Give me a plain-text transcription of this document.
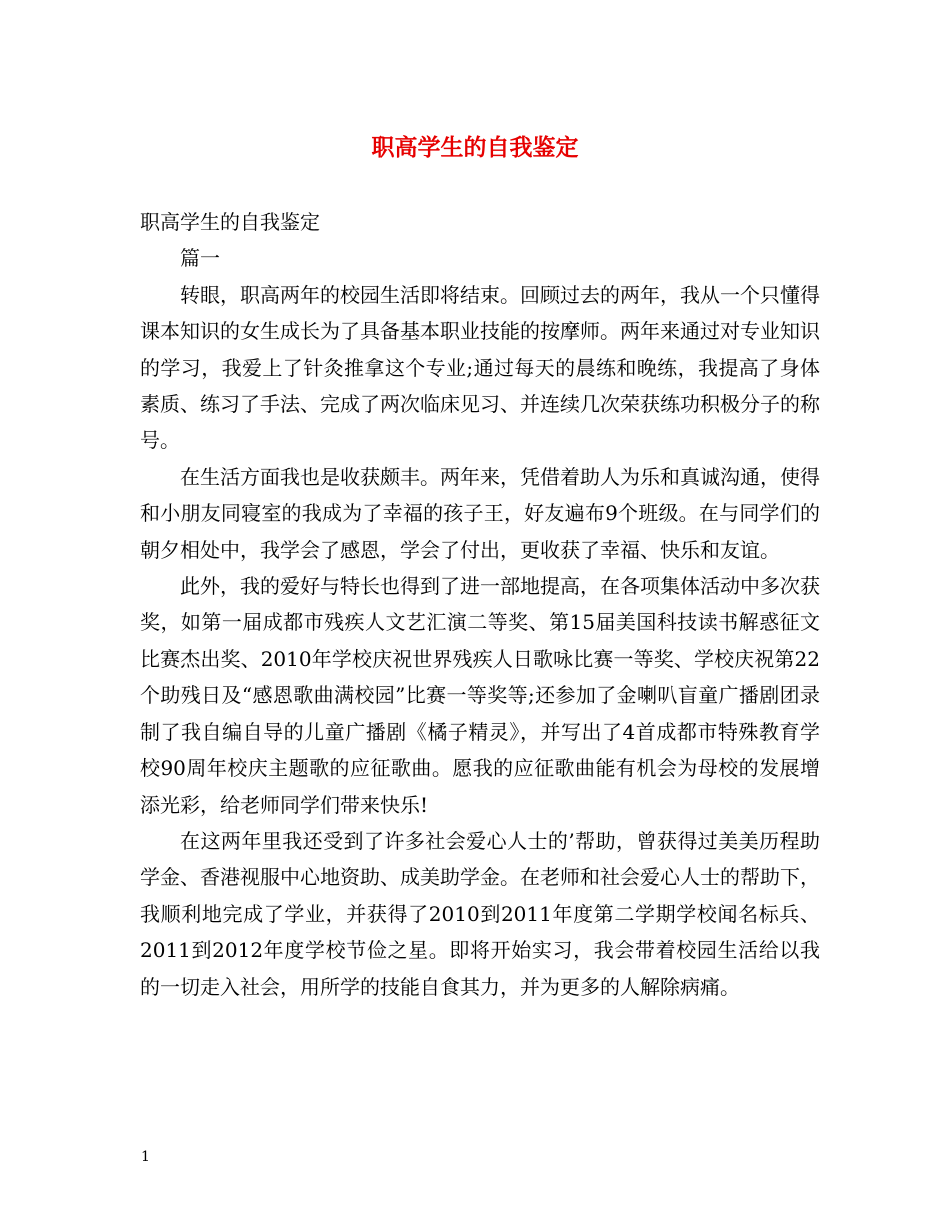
职高学生的自我鉴定

职高学生的自我鉴定

篇一

转眼，职高两年的校园生活即将结束。回顾过去的两年，我从一个只懂得课本知识的女生成长为了具备基本职业技能的按摩师。两年来通过对专业知识的学习，我爱上了针灸推拿这个专业;通过每天的晨练和晚练，我提高了身体素质、练习了手法、完成了两次临床见习、并连续几次荣获练功积极分子的称号。

在生活方面我也是收获颇丰。两年来，凭借着助人为乐和真诚沟通，使得和小朋友同寝室的我成为了幸福的孩子王，好友遍布9个班级。在与同学们的朝夕相处中，我学会了感恩，学会了付出，更收获了幸福、快乐和友谊。

此外，我的爱好与特长也得到了进一部地提高，在各项集体活动中多次获奖，如第一届成都市残疾人文艺汇演二等奖、第15届美国科技读书解惑征文比赛杰出奖、2010年学校庆祝世界残疾人日歌咏比赛一等奖、学校庆祝第22个助残日及“感恩歌曲满校园”比赛一等奖等;还参加了金喇叭盲童广播剧团录制了我自编自导的儿童广播剧《橘子精灵》，并写出了4首成都市特殊教育学校90周年校庆主题歌的应征歌曲。愿我的应征歌曲能有机会为母校的发展增添光彩，给老师同学们带来快乐!

在这两年里我还受到了许多社会爱心人士的’帮助，曾获得过美美历程助学金、香港视服中心地资助、成美助学金。在老师和社会爱心人士的帮助下，我顺利地完成了学业，并获得了2010到2011年度第二学期学校闻名标兵、2011到2012年度学校节俭之星。即将开始实习，我会带着校园生活给以我的一切走入社会，用所学的技能自食其力，并为更多的人解除病痛。

1
